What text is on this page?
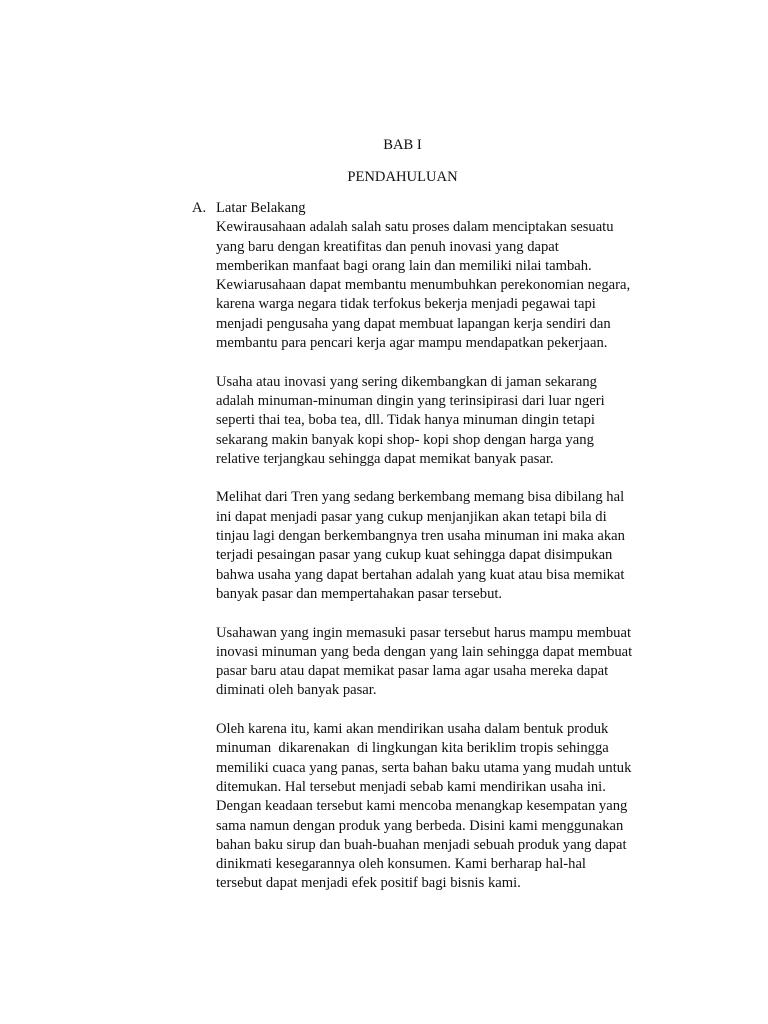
BAB I
PENDAHULUAN
A. Latar Belakang
Kewirausahaan adalah salah satu proses dalam menciptakan sesuatu
yang baru dengan kreatifitas dan penuh inovasi yang dapat
memberikan manfaat bagi orang lain dan memiliki nilai tambah.
Kewiarusahaan dapat membantu menumbuhkan perekonomian negara,
karena warga negara tidak terfokus bekerja menjadi pegawai tapi
menjadi pengusaha yang dapat membuat lapangan kerja sendiri dan
membantu para pencari kerja agar mampu mendapatkan pekerjaan.
Usaha atau inovasi yang sering dikembangkan di jaman sekarang
adalah minuman-minuman dingin yang terinsipirasi dari luar ngeri
seperti thai tea, boba tea, dll. Tidak hanya minuman dingin tetapi
sekarang makin banyak kopi shop- kopi shop dengan harga yang
relative terjangkau sehingga dapat memikat banyak pasar.
Melihat dari Tren yang sedang berkembang memang bisa dibilang hal
ini dapat menjadi pasar yang cukup menjanjikan akan tetapi bila di
tinjau lagi dengan berkembangnya tren usaha minuman ini maka akan
terjadi pesaingan pasar yang cukup kuat sehingga dapat disimpukan
bahwa usaha yang dapat bertahan adalah yang kuat atau bisa memikat
banyak pasar dan mempertahakan pasar tersebut.
Usahawan yang ingin memasuki pasar tersebut harus mampu membuat
inovasi minuman yang beda dengan yang lain sehingga dapat membuat
pasar baru atau dapat memikat pasar lama agar usaha mereka dapat
diminati oleh banyak pasar.
Oleh karena itu, kami akan mendirikan usaha dalam bentuk produk
minuman  dikarenakan  di lingkungan kita beriklim tropis sehingga
memiliki cuaca yang panas, serta bahan baku utama yang mudah untuk
ditemukan. Hal tersebut menjadi sebab kami mendirikan usaha ini.
Dengan keadaan tersebut kami mencoba menangkap kesempatan yang
sama namun dengan produk yang berbeda. Disini kami menggunakan
bahan baku sirup dan buah-buahan menjadi sebuah produk yang dapat
dinikmati kesegarannya oleh konsumen. Kami berharap hal-hal
tersebut dapat menjadi efek positif bagi bisnis kami.
